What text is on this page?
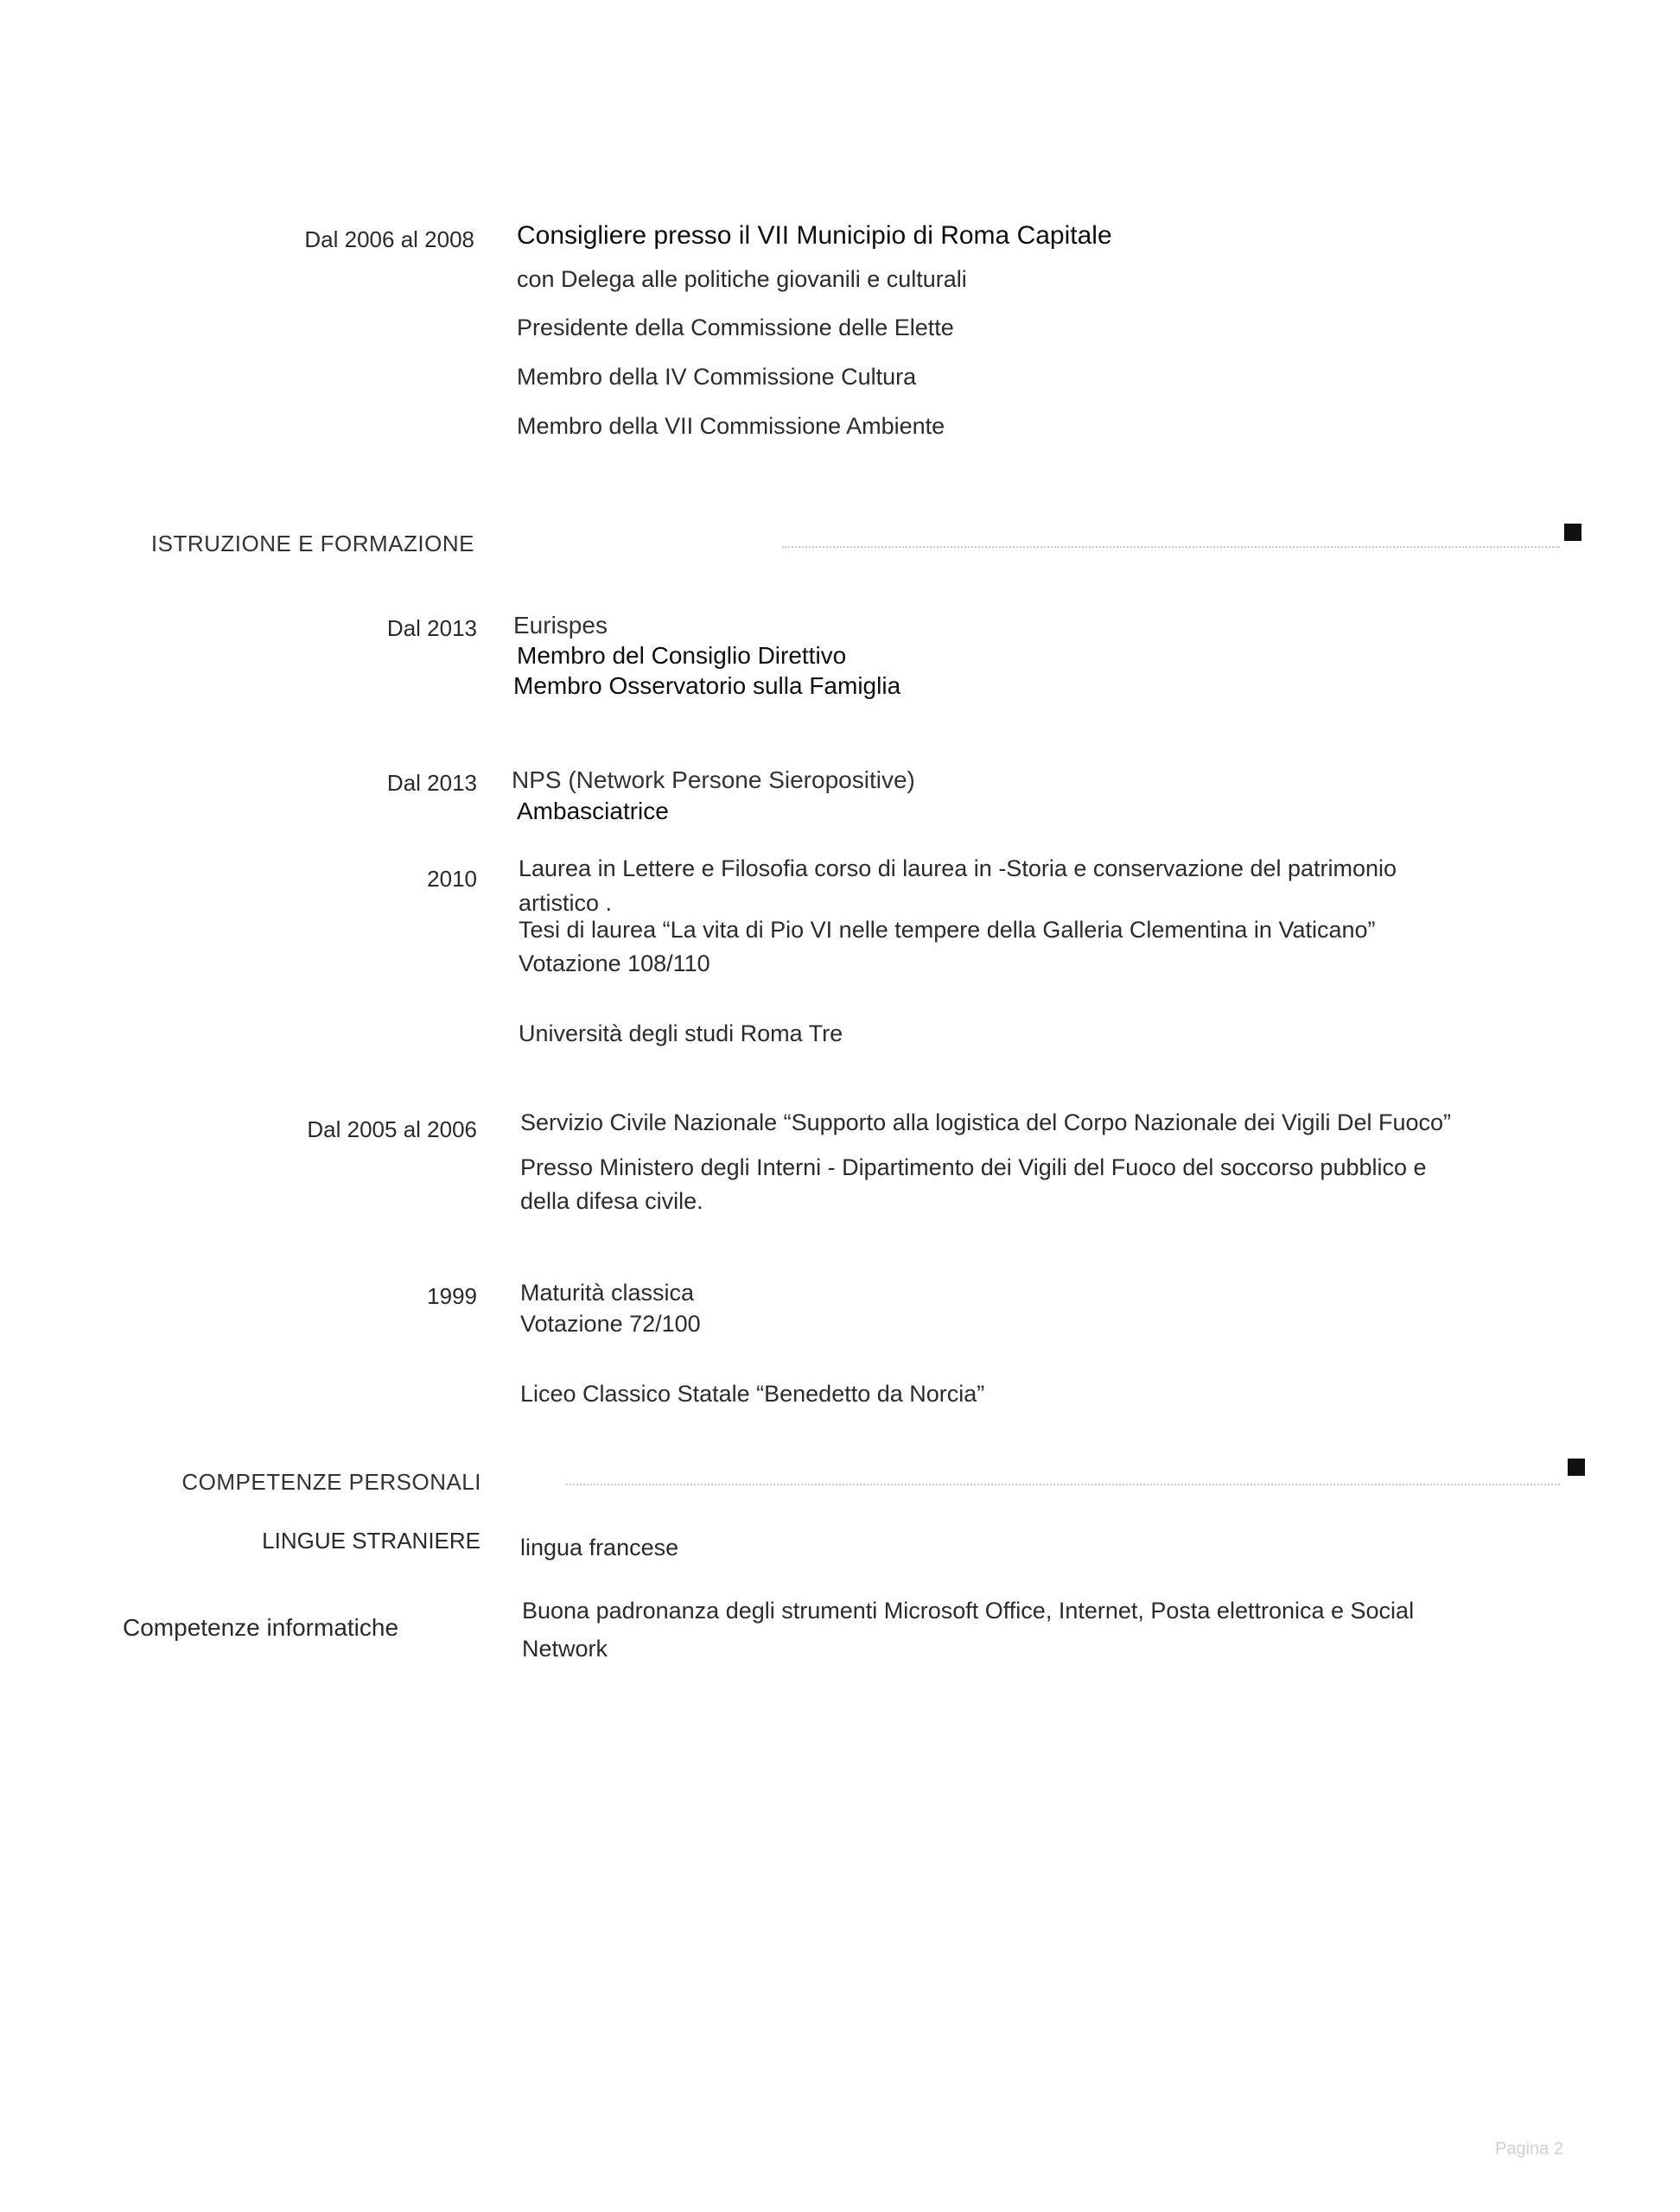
Dal 2006 al 2008 Consigliere presso il VII Municipio di Roma Capitale
con Delega alle politiche giovanili e culturali
Presidente della Commissione delle Elette
Membro della IV Commissione Cultura
Membro della VII Commissione Ambiente
ISTRUZIONE E FORMAZIONE
Dal 2013 Eurispes
Membro del Consiglio Direttivo
Membro Osservatorio sulla Famiglia
Dal 2013 NPS (Network Persone Sieropositive)
Ambasciatrice
2010 Laurea in Lettere e Filosofia corso di laurea in -Storia e conservazione del patrimonio
artistico .
Tesi di laurea “La vita di Pio VI nelle tempere della Galleria Clementina in Vaticano”
Votazione 108/110
Università degli studi Roma Tre
Dal 2005 al 2006 Servizio Civile Nazionale “Supporto alla logistica del Corpo Nazionale dei Vigili Del Fuoco”
Presso Ministero degli Interni - Dipartimento dei Vigili del Fuoco del soccorso pubblico e
della difesa civile.
1999 Maturità classica
Votazione 72/100
Liceo Classico Statale “Benedetto da Norcia”
COMPETENZE PERSONALI
LINGUE STRANIERE lingua francese
Competenze informatiche
Buona padronanza degli strumenti Microsoft Office, Internet, Posta elettronica e Social
Network
Pagina 2
